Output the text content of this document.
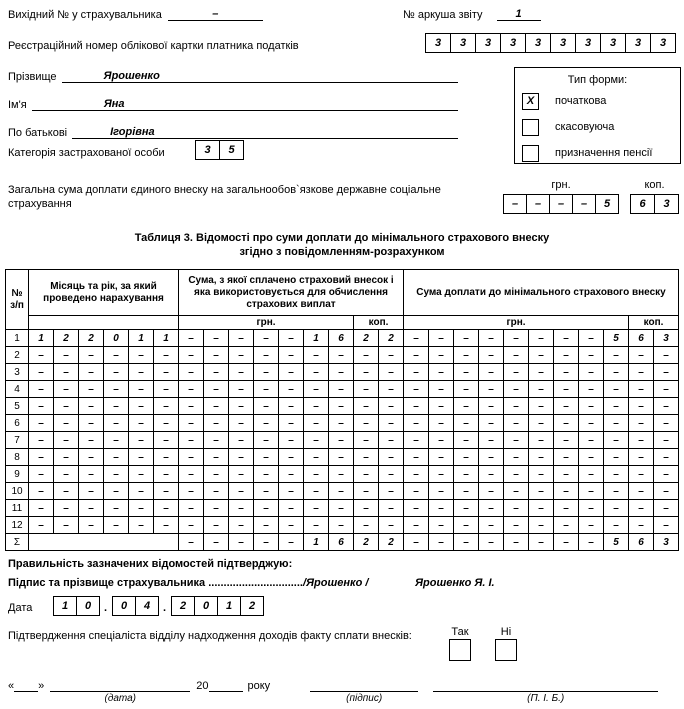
Вихідний № у страхувальника	–	№ аркуша звіту	1
Реєстраційний номер облікової картки платника податків	3	3	3	3	3	3	3	3	3	3
Прізвище	Ярошенко
Ім'я	Яна
По батькові	Ігорівна
Категорія застрахованої особи	3	5
Тип форми:
X	початкова
скасовуюча
призначення пенсії
Загальна сума доплати єдиного внеску на загальнообов`язкове державне соціальне страхування
грн.	коп.
–	–	–	–	5	6	3
Таблиця 3. Відомості про суми доплати до мінімального страхового внеску
згідно з повідомленням-розрахунком
№ з/п	Місяць та рік, за який проведено нарахування						Сума, з якої сплачено страховий внесок і яка використовується для обчислення страхових виплат									Сума доплати до мінімального страхового внеску										
							грн.							коп.		грн.									коп.	
1	1	2	2	0	1	1	–	–	–	–	–	1	6	2	2	–	–	–	–	–	–	–	–	5	6	3
2	–	–	–	–	–	–	–	–	–	–	–	–	–	–	–	–	–	–	–	–	–	–	–	–	–	–
3	–	–	–	–	–	–	–	–	–	–	–	–	–	–	–	–	–	–	–	–	–	–	–	–	–	–
4	–	–	–	–	–	–	–	–	–	–	–	–	–	–	–	–	–	–	–	–	–	–	–	–	–	–
5	–	–	–	–	–	–	–	–	–	–	–	–	–	–	–	–	–	–	–	–	–	–	–	–	–	–
6	–	–	–	–	–	–	–	–	–	–	–	–	–	–	–	–	–	–	–	–	–	–	–	–	–	–
7	–	–	–	–	–	–	–	–	–	–	–	–	–	–	–	–	–	–	–	–	–	–	–	–	–	–
8	–	–	–	–	–	–	–	–	–	–	–	–	–	–	–	–	–	–	–	–	–	–	–	–	–	–
9	–	–	–	–	–	–	–	–	–	–	–	–	–	–	–	–	–	–	–	–	–	–	–	–	–	–
10	–	–	–	–	–	–	–	–	–	–	–	–	–	–	–	–	–	–	–	–	–	–	–	–	–	–
11	–	–	–	–	–	–	–	–	–	–	–	–	–	–	–	–	–	–	–	–	–	–	–	–	–	–
12	–	–	–	–	–	–	–	–	–	–	–	–	–	–	–	–	–	–	–	–	–	–	–	–	–	–
Σ							–	–	–	–	–	1	6	2	2	–	–	–	–	–	–	–	–	5	6	3
Правильність зазначених відомостей підтверджую:
Підпис та прізвище страхувальника .............................../Ярошенко /	Ярошенко Я. І.
Дата	1	0	.	0	4	.	2	0	1	2
Підтвердження спеціаліста відділу надходження доходів факту сплати внесків:	Так	Ні
« »
(дата)
20	року
(підпис)	(П. І. Б.)
